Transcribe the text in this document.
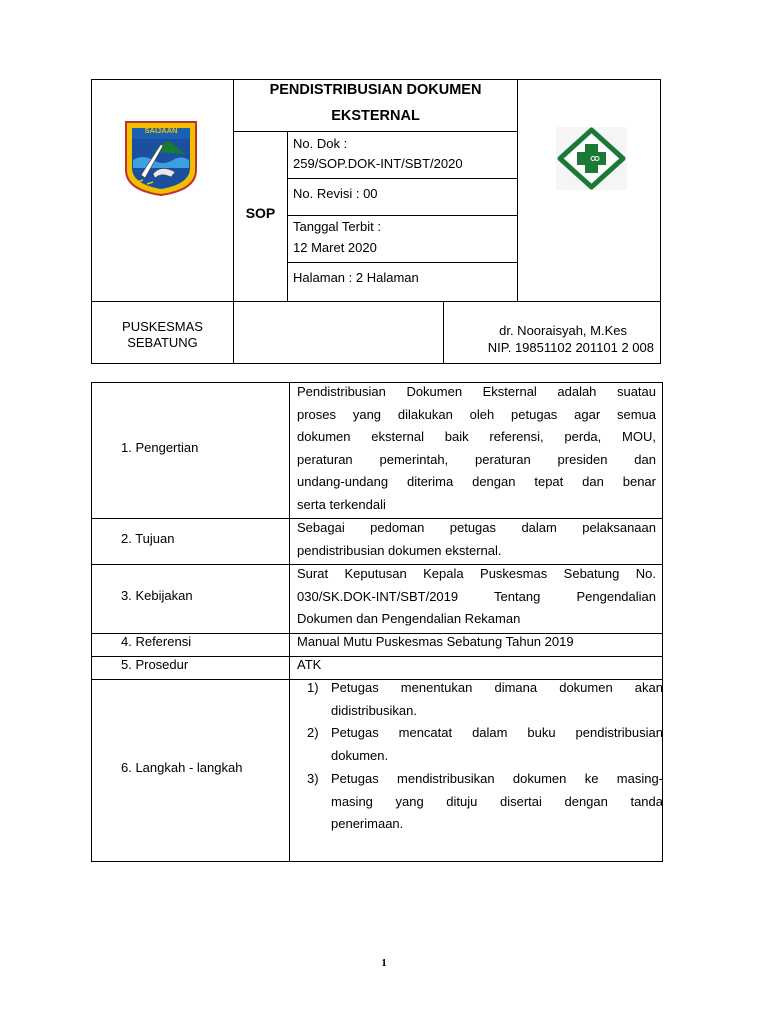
SAIJAAN
PENDISTRIBUSIAN DOKUMEN
EKSTERNAL
SOP
No. Dok :
259/SOP.DOK-INT/SBT/2020
No. Revisi : 00
Tanggal Terbit :
12 Maret 2020
Halaman : 2 Halaman
PUSKESMAS
SEBATUNG
dr. Nooraisyah, M.Kes
NIP. 19851102 201101 2 008
1. Pengertian
Pendistribusian Dokumen Eksternal adalah suatau
proses yang dilakukan oleh petugas agar semua
dokumen eksternal baik referensi, perda, MOU,
peraturan pemerintah, peraturan presiden dan
undang-undang diterima dengan tepat dan benar
serta terkendali
2. Tujuan
Sebagai pedoman petugas dalam pelaksanaan
pendistribusian dokumen eksternal.
3. Kebijakan
Surat Keputusan Kepala Puskesmas Sebatung No.
030/SK.DOK-INT/SBT/2019 Tentang Pengendalian
Dokumen dan Pengendalian Rekaman
4. Referensi	Manual Mutu Puskesmas Sebatung Tahun 2019
5. Prosedur	ATK
6. Langkah - langkah
1) Petugas menentukan dimana dokumen akan
didistribusikan.
2) Petugas mencatat dalam buku pendistribusian
dokumen.
3) Petugas mendistribusikan dokumen ke masing-
masing yang dituju disertai dengan tanda
penerimaan.
1
